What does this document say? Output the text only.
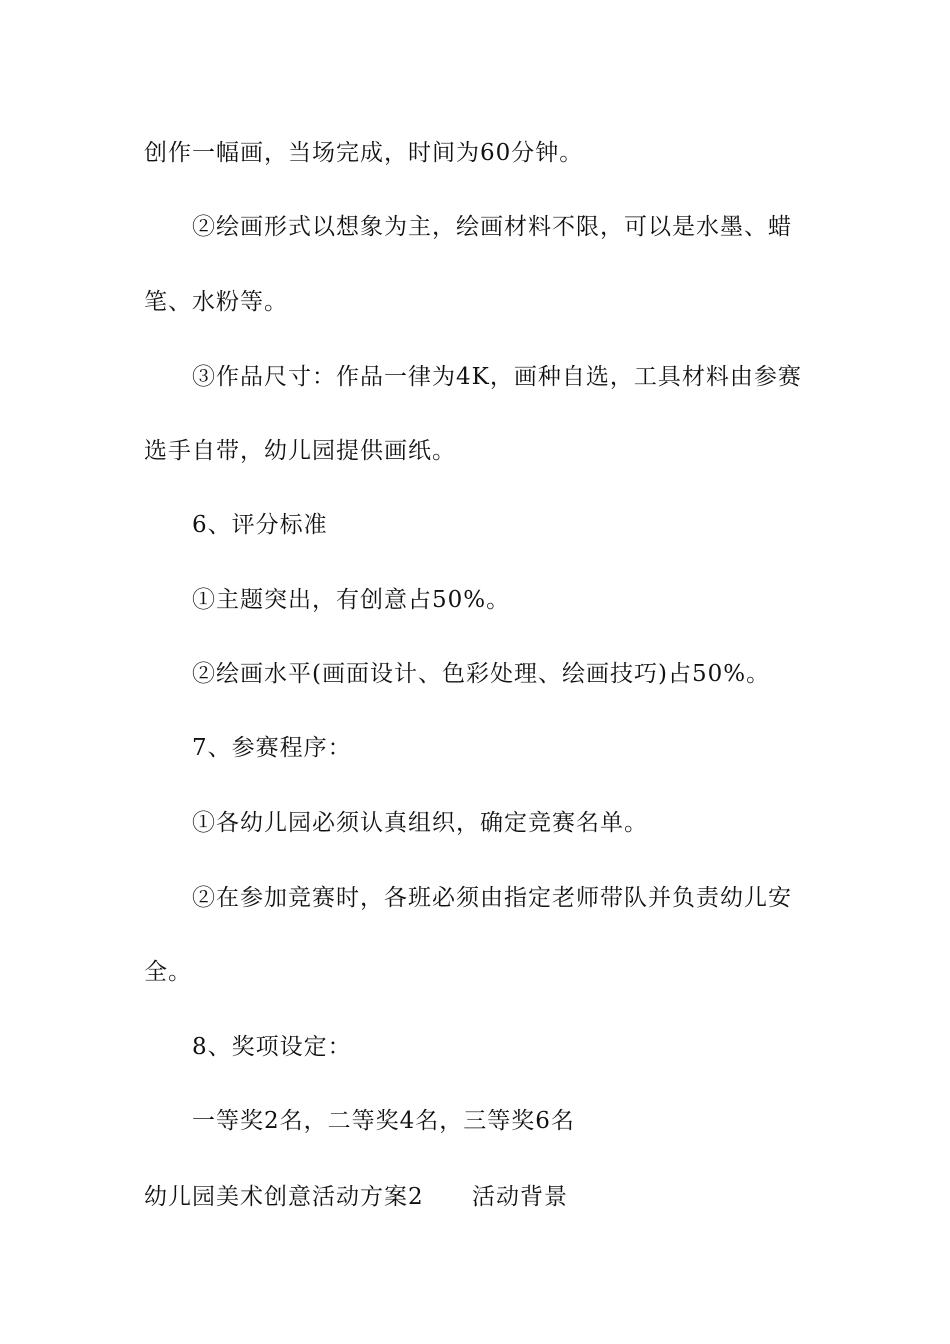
创作一幅画，当场完成，时间为60分钟。
②绘画形式以想象为主，绘画材料不限，可以是水墨、蜡
笔、水粉等。
③作品尺寸：作品一律为4K，画种自选，工具材料由参赛
选手自带，幼儿园提供画纸。
6、评分标准
①主题突出，有创意占50%。
②绘画水平(画面设计、色彩处理、绘画技巧)占50%。
7、参赛程序：
①各幼儿园必须认真组织，确定竞赛名单。
②在参加竞赛时，各班必须由指定老师带队并负责幼儿安
全。
8、奖项设定：
一等奖2名，二等奖4名，三等奖6名
幼儿园美术创意活动方案2 活动背景
